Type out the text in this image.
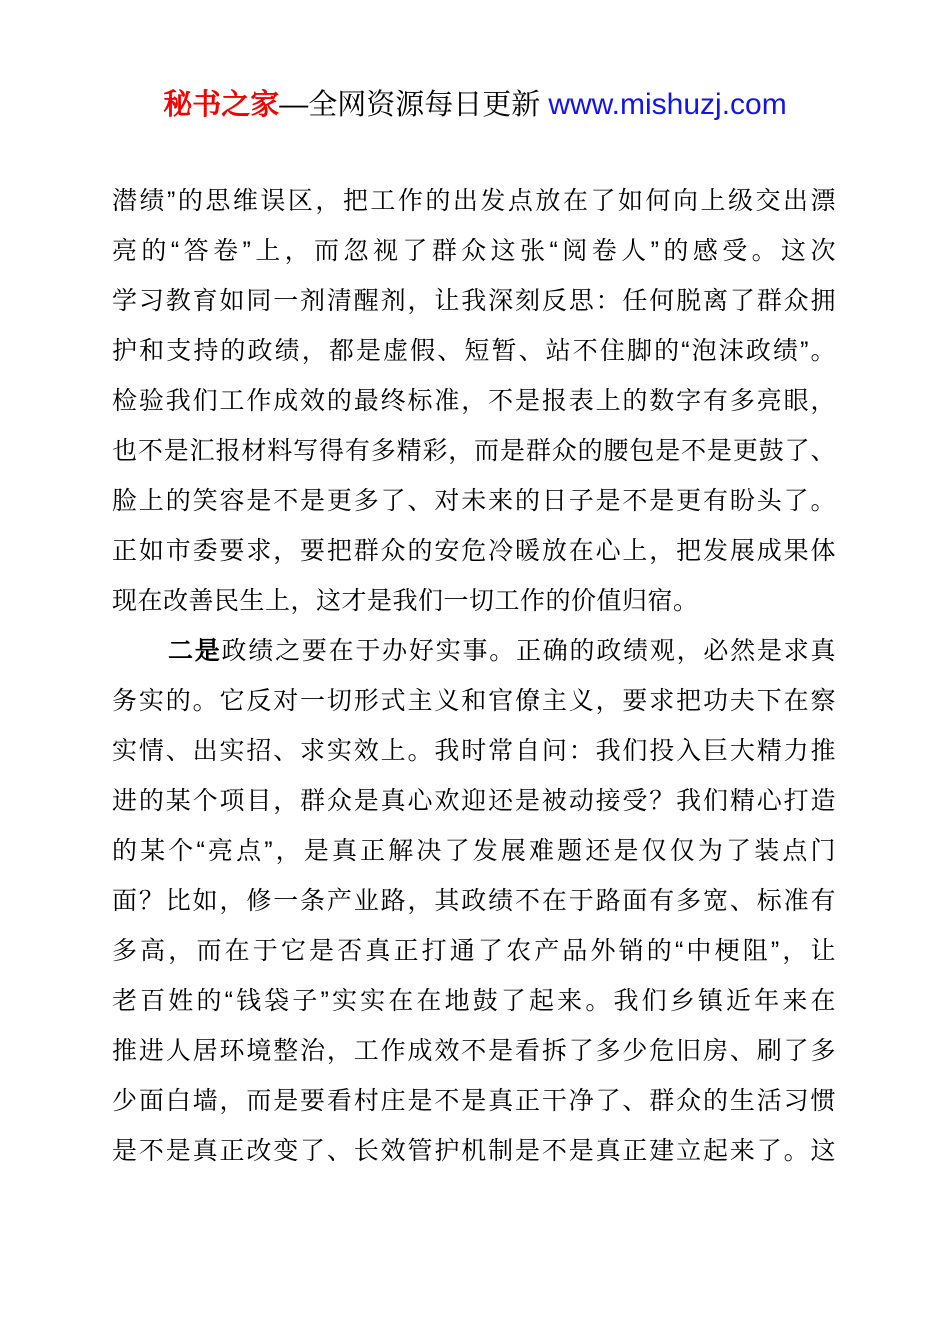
秘书之家—全网资源每日更新 www.mishuzj.com
潜绩”的思维误区，把工作的出发点放在了如何向上级交出漂
亮的“答卷”上，而忽视了群众这张“阅卷人”的感受。这次
学习教育如同一剂清醒剂，让我深刻反思：任何脱离了群众拥
护和支持的政绩，都是虚假、短暂、站不住脚的“泡沫政绩”。
检验我们工作成效的最终标准，不是报表上的数字有多亮眼，
也不是汇报材料写得有多精彩，而是群众的腰包是不是更鼓了、
脸上的笑容是不是更多了、对未来的日子是不是更有盼头了。
正如市委要求，要把群众的安危冷暖放在心上，把发展成果体
现在改善民生上，这才是我们一切工作的价值归宿。
二是政绩之要在于办好实事。正确的政绩观，必然是求真
务实的。它反对一切形式主义和官僚主义，要求把功夫下在察
实情、出实招、求实效上。我时常自问：我们投入巨大精力推
进的某个项目，群众是真心欢迎还是被动接受？我们精心打造
的某个“亮点”，是真正解决了发展难题还是仅仅为了装点门
面？比如，修一条产业路，其政绩不在于路面有多宽、标准有
多高，而在于它是否真正打通了农产品外销的“中梗阻”，让
老百姓的“钱袋子”实实在在地鼓了起来。我们乡镇近年来在
推进人居环境整治，工作成效不是看拆了多少危旧房、刷了多
少面白墙，而是要看村庄是不是真正干净了、群众的生活习惯
是不是真正改变了、长效管护机制是不是真正建立起来了。这
